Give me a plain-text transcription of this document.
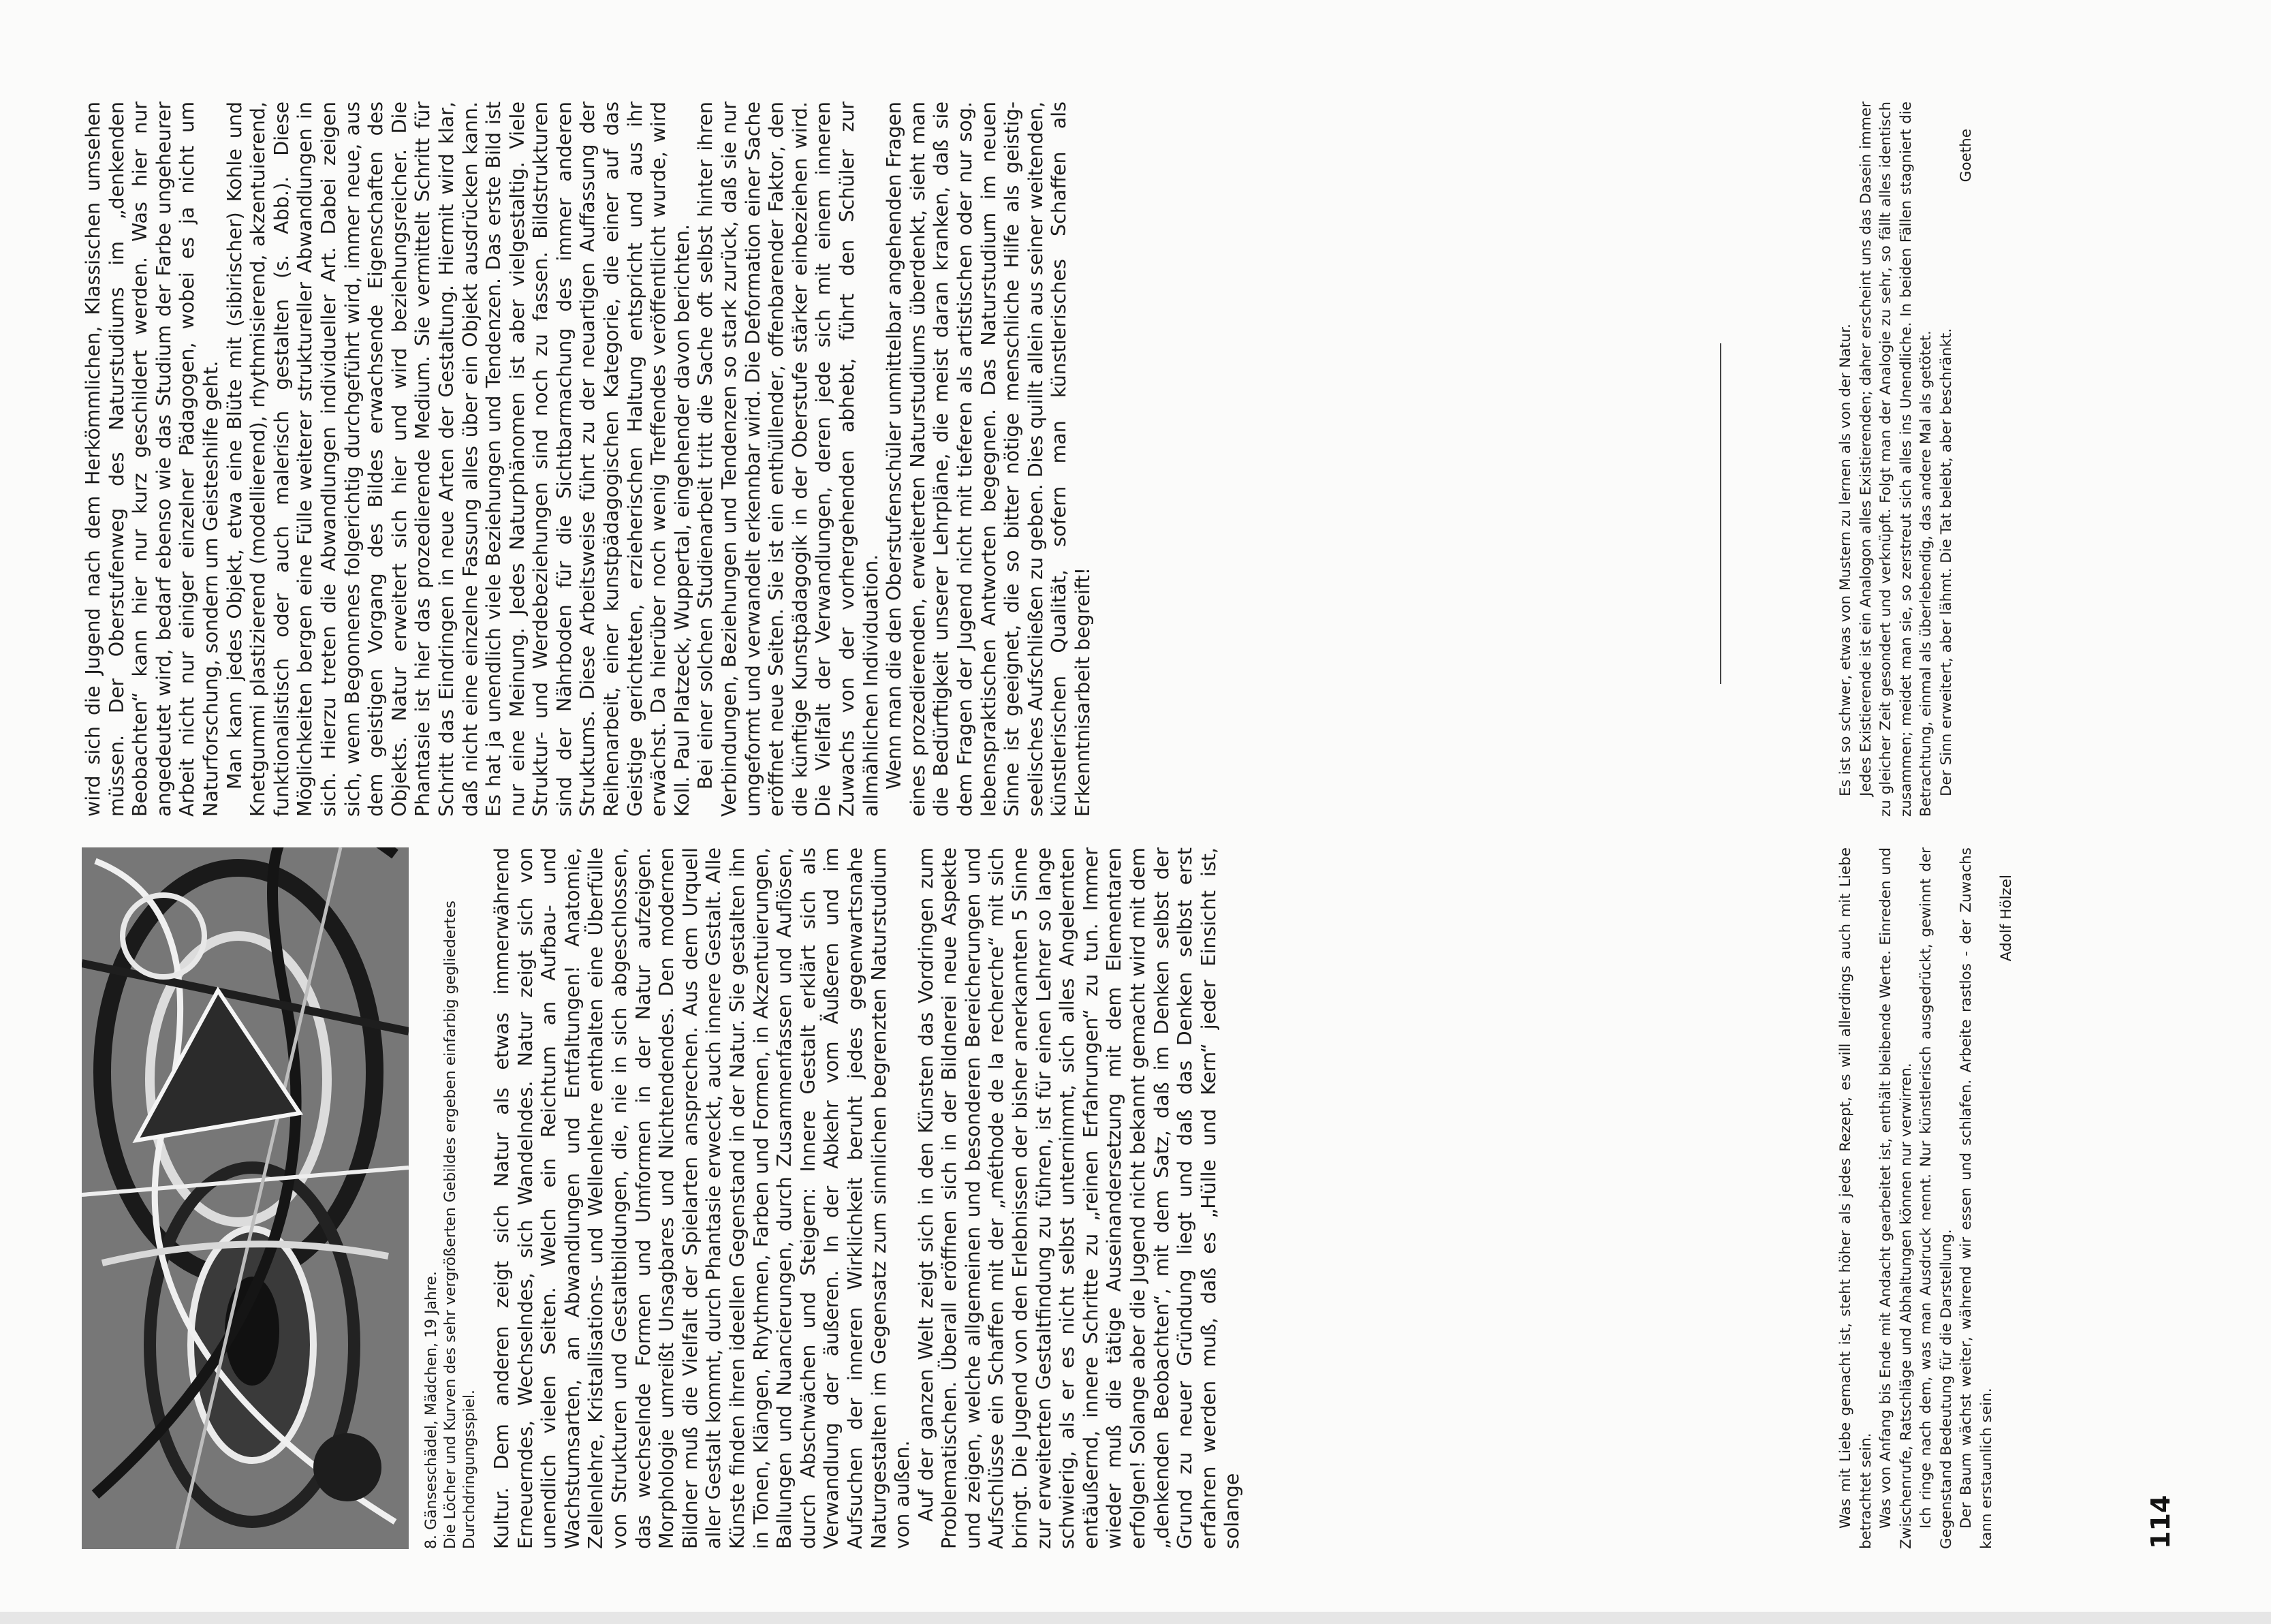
8. Gänseschädel, Mädchen, 19 Jahre. Die Löcher und Kurven des sehr vergrößerten Gebildes ergeben einfarbig gegliedertes Durchdringungsspiel. Kultur. Dem anderen zeigt sich Natur als etwas immerwährend Erneuerndes, Wechselndes, sich Wandelndes. Natur zeigt sich von unendlich vielen Seiten. Welch ein Reichtum an Aufbau- und Wachstumsarten, an Abwandlungen und Entfaltungen! Anatomie, Zellenlehre, Kristallisations- und Wellenlehre enthalten eine Überfülle von Strukturen und Gestaltbildungen, die, nie in sich abgeschlossen, das wechselnde Formen und Umformen in der Natur aufzeigen. Morphologie umreißt Unsagbares und Nichtendendes. Den modernen Bildner muß die Vielfalt der Spielarten ansprechen. Aus dem Urquell aller Gestalt kommt, durch Phantasie erweckt, auch innere Gestalt. Alle Künste finden ihren ideellen Gegenstand in der Natur. Sie gestalten ihn in Tönen, Klängen, Rhythmen, Farben und Formen, in Akzentuierungen, Ballungen und Nuancierungen, durch Zusammenfassen und Auflösen, durch Abschwächen und Steigern: Innere Gestalt erklärt sich als Verwandlung der äußeren. In der Abkehr vom Äußeren und im Aufsuchen der inneren Wirklichkeit beruht jedes gegenwartsnahe Naturgestalten im Gegensatz zum sinnlichen begrenzten Naturstudium von außen. Auf der ganzen Welt zeigt sich in den Künsten das Vordringen zum Problematischen. Überall eröffnen sich in der Bildnerei neue Aspekte und zeigen, welche allgemeinen und besonderen Bereicherungen und Aufschlüsse ein Schaffen mit der „méthode de la recherche“ mit sich bringt. Die Jugend von den Erlebnissen der bisher anerkannten 5 Sinne zur erweiterten Gestaltfindung zu führen, ist für einen Lehrer so lange schwierig, als er es nicht selbst unternimmt, sich alles Angelernten entäußernd, innere Schritte zu „reinen Erfahrungen“ zu tun. Immer wieder muß die tätige Auseinandersetzung mit dem Elementaren erfolgen! Solange aber die Jugend nicht bekannt gemacht wird mit dem „denkenden Beobachten“, mit dem Satz, daß im Denken selbst der Grund zu neuer Gründung liegt und daß das Denken selbst erst erfahren werden muß, daß es „Hülle und Kern“ jeder Einsicht ist, solange

wird sich die Jugend nach dem Herkömmlichen, Klassischen umsehen müssen. Der Oberstufenweg des Naturstudiums im „denkenden Beobachten“ kann hier nur kurz geschildert werden. Was hier nur angedeutet wird, bedarf ebenso wie das Studium der Farbe ungeheurer Arbeit nicht nur einiger einzelner Pädagogen, wobei es ja nicht um Naturforschung, sondern um Geisteshilfe geht. Man kann jedes Objekt, etwa eine Blüte mit (sibirischer) Kohle und Knetgummi plastizierend (modellierend), rhythmisierend, akzentuierend, funktionalistisch oder auch malerisch gestalten (s. Abb.). Diese Möglichkeiten bergen eine Fülle weiterer struktureller Abwandlungen in sich. Hierzu treten die Abwandlungen individueller Art. Dabei zeigen sich, wenn Begonnenes folgerichtig durchgeführt wird, immer neue, aus dem geistigen Vorgang des Bildes erwachsende Eigenschaften des Objekts. Natur erweitert sich hier und wird beziehungsreicher. Die Phantasie ist hier das prozedierende Medium. Sie vermittelt Schritt für Schritt das Eindringen in neue Arten der Gestaltung. Hiermit wird klar, daß nicht eine einzelne Fassung alles über ein Objekt ausdrücken kann. Es hat ja unendlich viele Beziehungen und Tendenzen. Das erste Bild ist nur eine Meinung. Jedes Naturphänomen ist aber vielgestaltig. Viele Struktur- und Werdebeziehungen sind noch zu fassen. Bildstrukturen sind der Nährboden für die Sichtbarmachung des immer anderen Struktums. Diese Arbeitsweise führt zu der neuartigen Auffassung der Reihenarbeit, einer kunstpädagogischen Kategorie, die einer auf das Geistige gerichteten, erzieherischen Haltung entspricht und aus ihr erwächst. Da hierüber noch wenig Treffendes veröffentlicht wurde, wird Koll. Paul Platzeck, Wuppertal, eingehender davon berichten. Bei einer solchen Studienarbeit tritt die Sache oft selbst hinter ihren Verbindungen, Beziehungen und Tendenzen so stark zurück, daß sie nur umgeformt und verwandelt erkennbar wird. Die Deformation einer Sache eröffnet neue Seiten. Sie ist ein enthüllender, offenbarender Faktor, den die künftige Kunstpädagogik in der Oberstufe stärker einbeziehen wird. Die Vielfalt der Verwandlungen, deren jede sich mit einem inneren Zuwachs von der vorhergehenden abhebt, führt den Schüler zur allmählichen Individuation. Wenn man die den Oberstufenschüler unmittelbar angehenden Fragen eines prozedierenden, erweiterten Naturstudiums überdenkt, sieht man die Bedürftigkeit unserer Lehrpläne, die meist daran kranken, daß sie dem Fragen der Jugend nicht mit tieferen als artistischen oder nur sog. lebenspraktischen Antworten begegnen. Das Naturstudium im neuen Sinne ist geeignet, die so bitter nötige menschliche Hilfe als geistig-seelisches Aufschließen zu geben. Dies quillt allein aus seiner weitenden, künstlerischen Qualität, sofern man künstlerisches Schaffen als Erkenntnisarbeit begreift!

Was mit Liebe gemacht ist, steht höher als jedes Rezept, es will allerdings auch mit Liebe betrachtet sein. Was von Anfang bis Ende mit Andacht gearbeitet ist, enthält bleibende Werte. Einreden und Zwischenrufe, Ratschläge und Abhaltungen können nur verwirren. Ich ringe nach dem, was man Ausdruck nennt. Nur künstlerisch ausgedrückt, gewinnt der Gegenstand Bedeutung für die Darstellung. Der Baum wächst weiter, während wir essen und schlafen. Arbeite rastlos - der Zuwachs kann erstaunlich sein.

Adolf Hölzel

Es ist so schwer, etwas von Mustern zu lernen als von der Natur. Jedes Existierende ist ein Analogon alles Existierenden; daher erscheint uns das Dasein immer zu gleicher Zeit gesondert und verknüpft. Folgt man der Analogie zu sehr, so fällt alles identisch zusammen; meidet man sie, so zerstreut sich alles ins Unendliche. In beiden Fällen stagniert die Betrachtung, einmal als überlebendig, das andere Mal als getötet. Der Sinn erweitert, aber lähmt. Die Tat belebt, aber beschränkt.

Goethe
114
